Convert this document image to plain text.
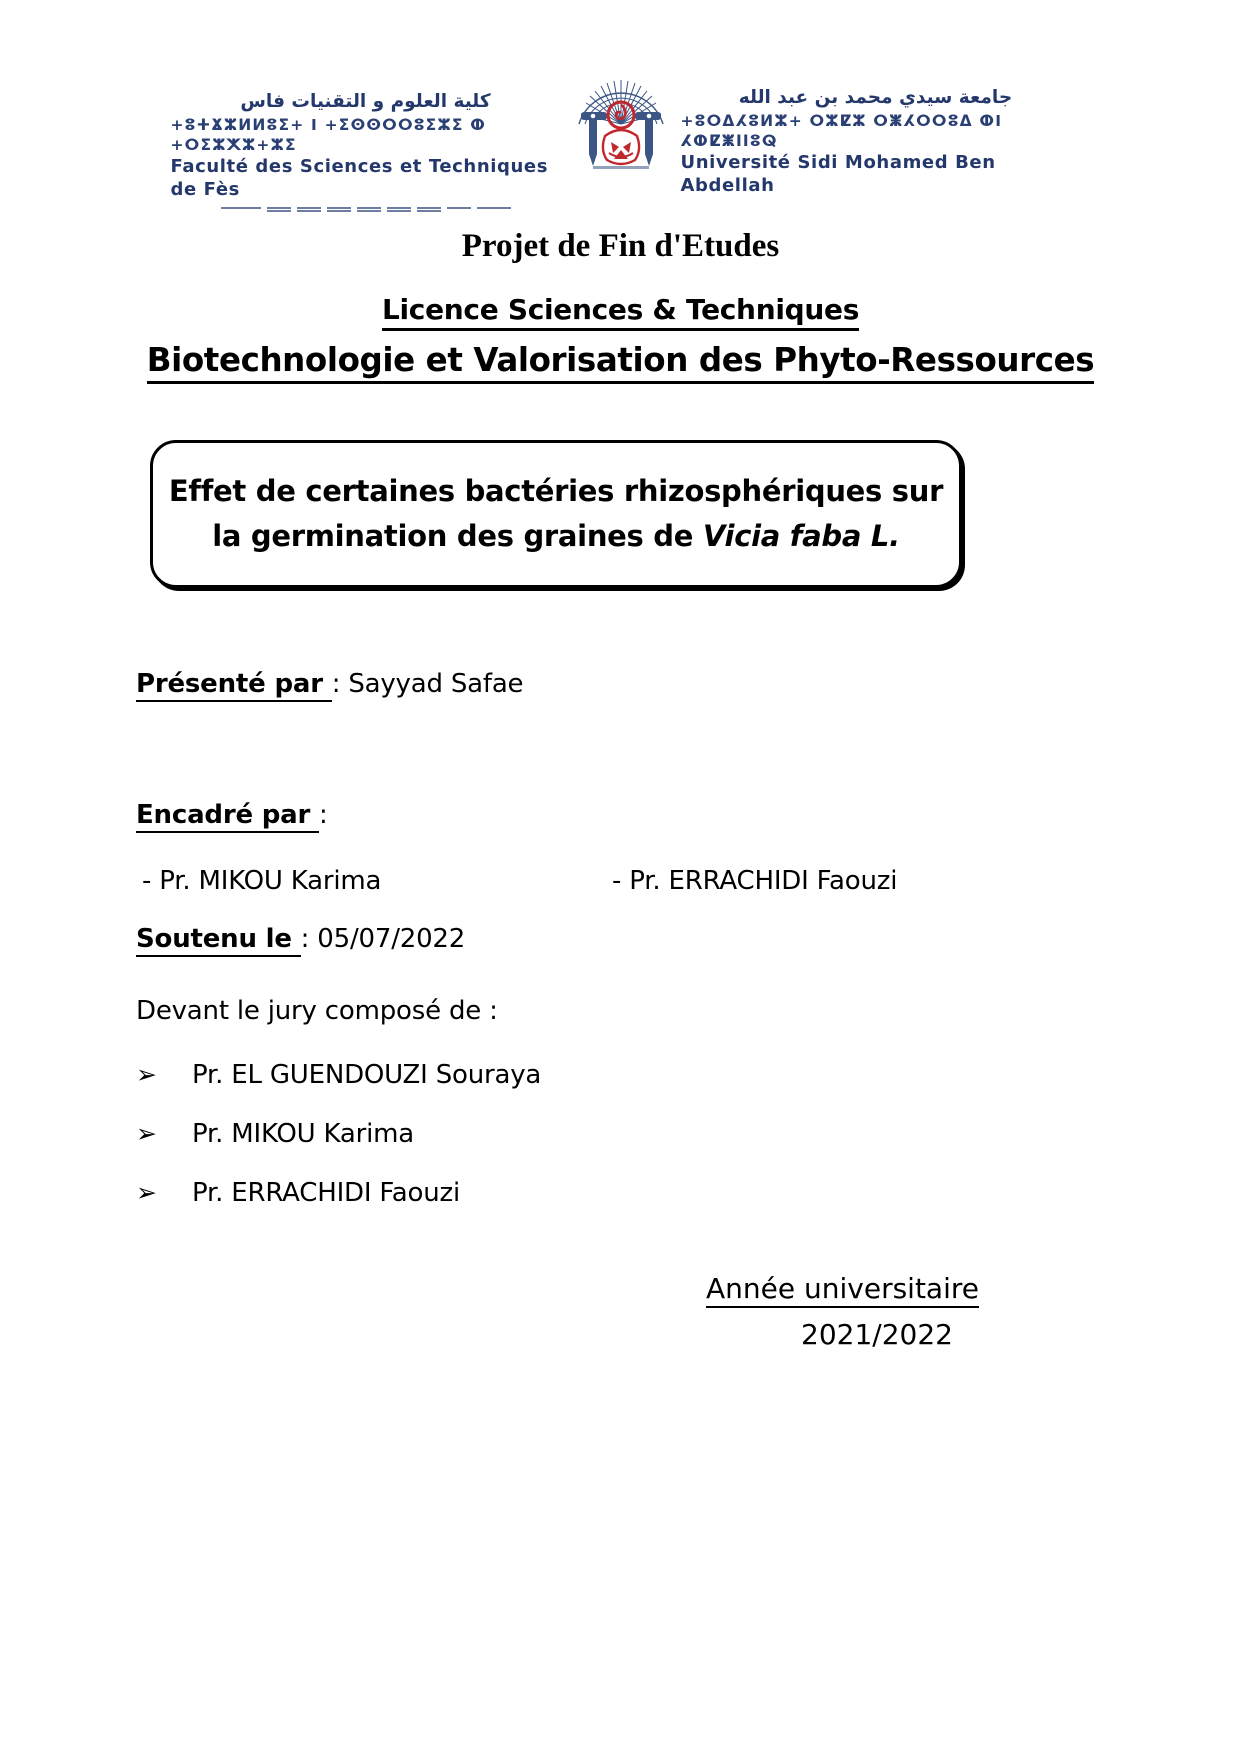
كلية العلوم و التقنيات فاس
+ⵓⵜⴴⵣⵍⵍⵓⵉ+ I +ⵉⵙⵙⵔⵔⵓⵉⵣⵉ ⵀ +ⵔⵉⵣⵅⵣ+ⵣⵉ
Faculté des Sciences et Techniques de Fès
جامعة سيدي محمد بن عبد الله
+ⵓⵔⵠⵃⵓⵍⵣ+ ⵔⵣⵇⵣ ⵔⵥⵃⵔⵔⵓⵠ ⵀI ⵃⵀⵇⵥⵏⵏⵓⵕ
Université Sidi Mohamed Ben Abdellah
Projet de Fin d'Etudes
Licence Sciences & Techniques
Biotechnologie et Valorisation des Phyto-Ressources
Effet de certaines bactéries rhizosphériques sur
la germination des graines de Vicia faba L.
Présenté par : Sayyad Safae
Encadré par :
- Pr. MIKOU Karima	- Pr. ERRACHIDI Faouzi
Soutenu le : 05/07/2022
Devant le jury composé de :
➢	Pr. EL GUENDOUZI Souraya
➢	Pr. MIKOU Karima
➢	Pr. ERRACHIDI Faouzi
Année universitaire
2021/2022
